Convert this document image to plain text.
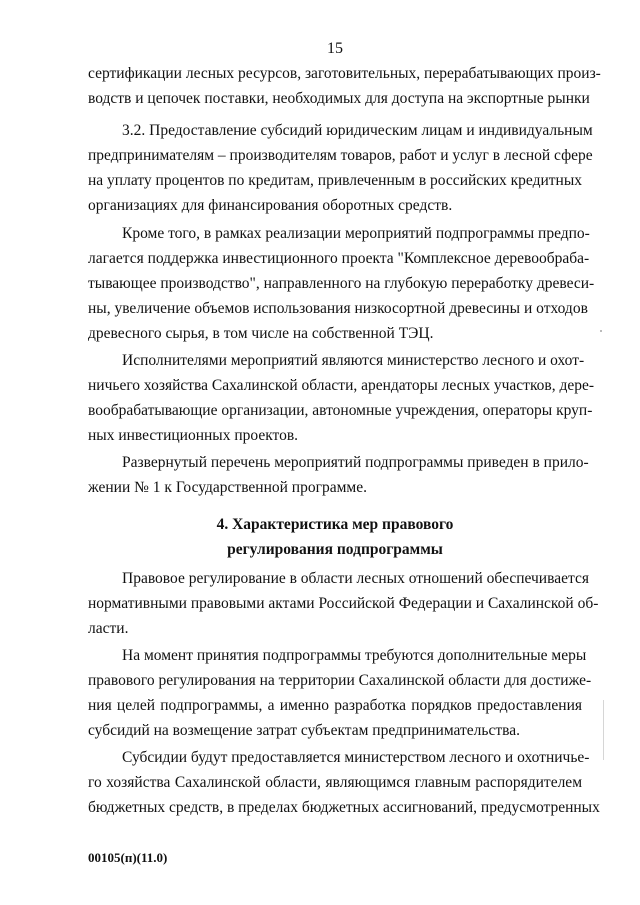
15
сертификации лесных ресурсов, заготовительных, перерабатывающих произ-
водств и цепочек поставки, необходимых для доступа на экспортные рынки
3.2. Предоставление субсидий юридическим лицам и индивидуальным
предпринимателям – производителям товаров, работ и услуг в лесной сфере
на уплату процентов по кредитам, привлеченным в российских кредитных
организациях для финансирования оборотных средств.
Кроме того, в рамках реализации мероприятий подпрограммы предпо-
лагается поддержка инвестиционного проекта "Комплексное деревообраба-
тывающее производство", направленного на глубокую переработку древеси-
ны, увеличение объемов использования низкосортной древесины и отходов
древесного сырья, в том числе на собственной ТЭЦ.
Исполнителями мероприятий являются министерство лесного и охот-
ничьего хозяйства Сахалинской области, арендаторы лесных участков, дере-
вообрабатывающие организации, автономные учреждения, операторы круп-
ных инвестиционных проектов.
Развернутый перечень мероприятий подпрограммы приведен в прило-
жении № 1 к Государственной программе.
4. Характеристика мер правового
регулирования подпрограммы
Правовое регулирование в области лесных отношений обеспечивается
нормативными правовыми актами Российской Федерации и Сахалинской об-
ласти.
На момент принятия подпрограммы требуются дополнительные меры
правового регулирования на территории Сахалинской области для достиже-
ния целей подпрограммы, а именно разработка порядков предоставления
субсидий на возмещение затрат субъектам предпринимательства.
Субсидии будут предоставляется министерством лесного и охотничье-
го хозяйства Сахалинской области, являющимся главным распорядителем
бюджетных средств, в пределах бюджетных ассигнований, предусмотренных
00105(п)(11.0)
